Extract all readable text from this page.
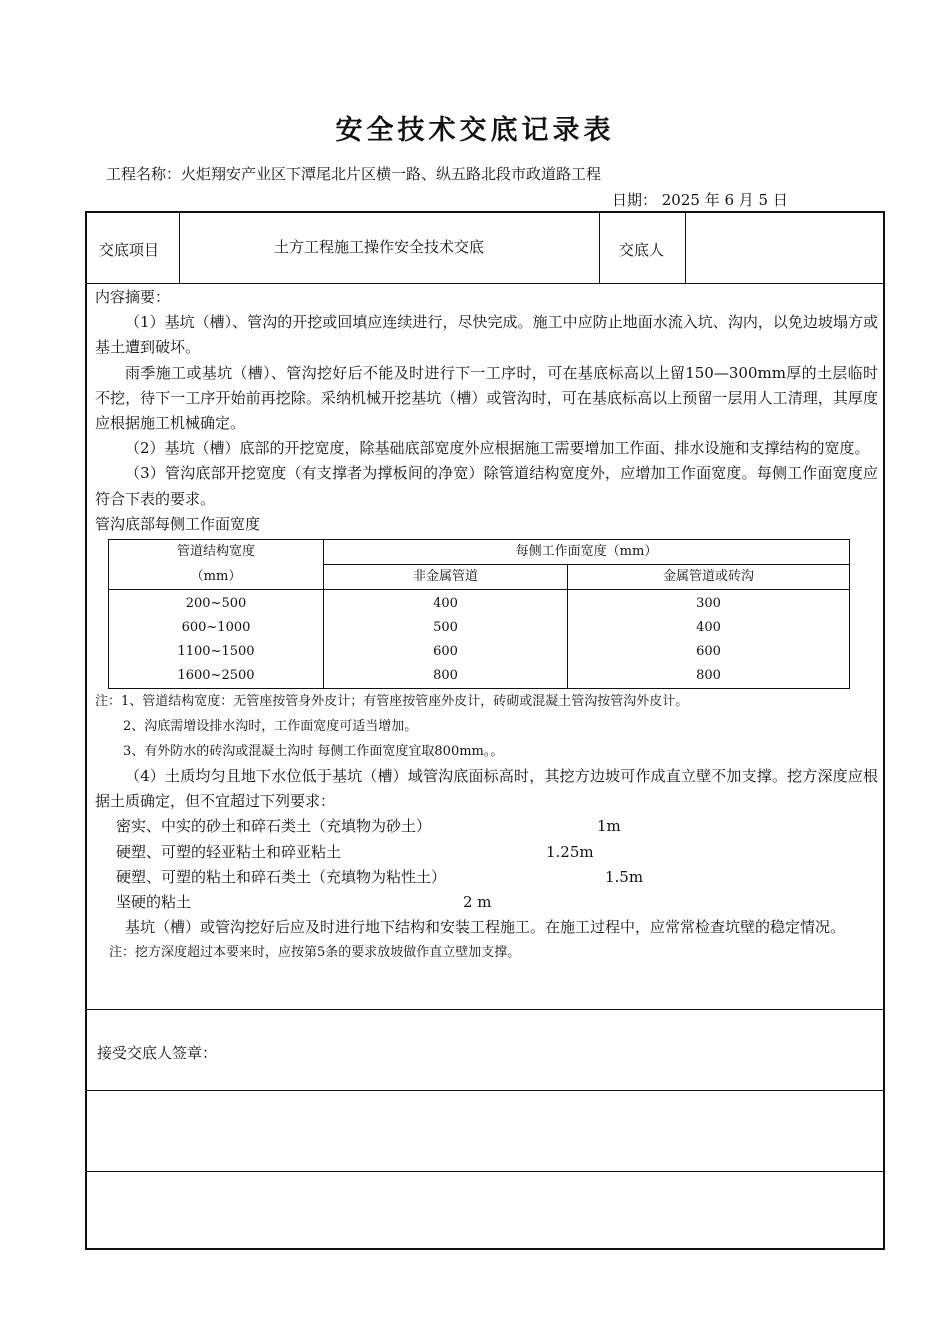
安全技术交底记录表
工程名称：火炬翔安产业区下潭尾北片区横一路、纵五路北段市政道路工程
日期： 2025 年 6 月 5 日
交底项目	土方工程施工操作安全技术交底	交底人

内容摘要：

（1）基坑（槽）、管沟的开挖或回填应连续进行，尽快完成。施工中应防止地面水流入坑、沟内，以免边坡塌方或基土遭到破坏。

雨季施工或基坑（槽）、管沟挖好后不能及时进行下一工序时，可在基底标高以上留150—300mm厚的土层临时不挖，待下一工序开始前再挖除。采纳机械开挖基坑（槽）或管沟时，可在基底标高以上预留一层用人工清理，其厚度应根据施工机械确定。

（2）基坑（槽）底部的开挖宽度，除基础底部宽度外应根据施工需要增加工作面、排水设施和支撑结构的宽度。

（3）管沟底部开挖宽度（有支撑者为撑板间的净宽）除管道结构宽度外，应增加工作面宽度。每侧工作面宽度应符合下表的要求。

管沟底部每侧工作面宽度

管道结构宽度	每侧工作面宽度（mm）	
（mm）	非金属管道	金属管道或砖沟
200~500	400	300
600~1000	500	400
1100~1500	600	600
1600~2500	800	800
注：1、管道结构宽度：无管座按管身外皮计；有管座按管座外皮计，砖砌或混凝土管沟按管沟外皮计。
2、沟底需增设排水沟时，工作面宽度可适当增加。
3、有外防水的砖沟或混凝土沟时 每侧工作面宽度宜取800mm。。

（4）土质均匀且地下水位低于基坑（槽）域管沟底面标高时，其挖方边坡可作成直立壁不加支撑。挖方深度应根据土质确定，但不宜超过下列要求：

密实、中实的砂土和碎石类土（充填物为砂土）	1m
硬塑、可塑的轻亚粘土和碎亚粘土	1.25m
硬塑、可塑的粘土和碎石类土（充填物为粘性土）	1.5m
坚硬的粘土	2 m

基坑（槽）或管沟挖好后应及时进行地下结构和安装工程施工。在施工过程中，应常常检查坑壁的稳定情况。

注：挖方深度超过本要来时，应按第5条的要求放坡做作直立壁加支撑。
接受交底人签章：
